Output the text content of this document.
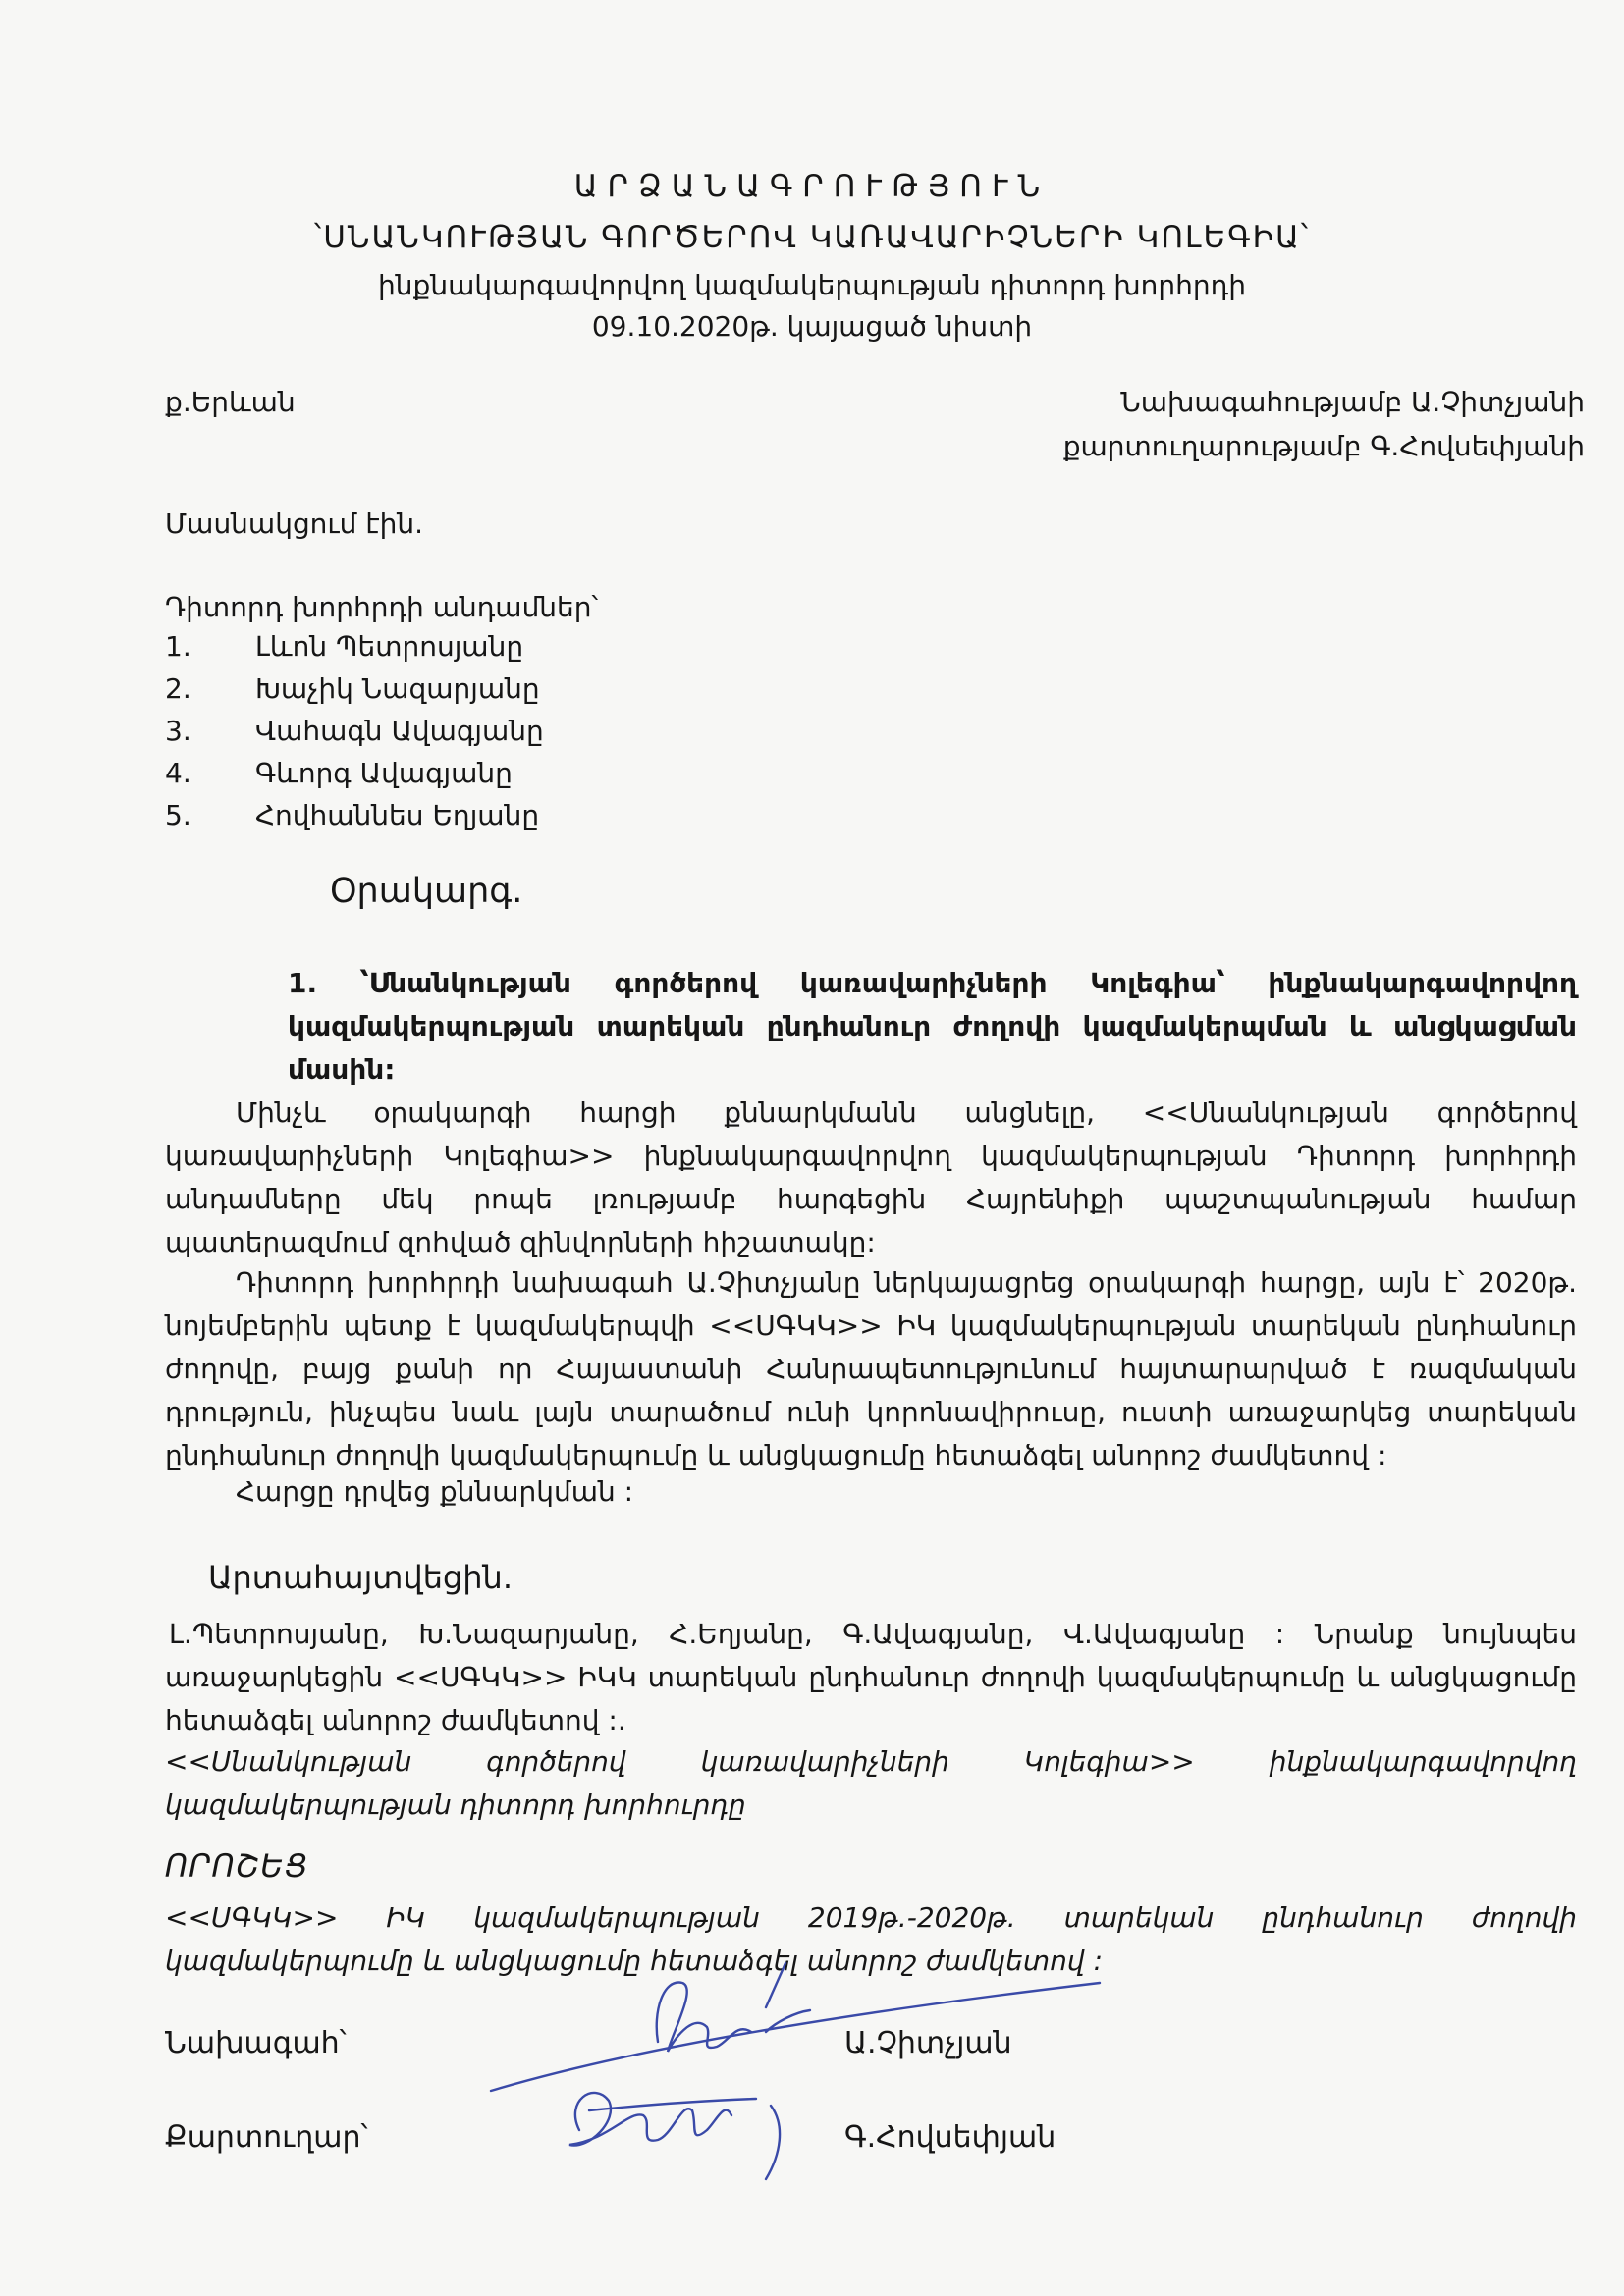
ԱՐՁԱՆԱԳՐՈՒԹՅՈՒՆ
՝ՍՆԱՆԿՈՒԹՅԱՆ ԳՈՐԾԵՐՈՎ ԿԱՌԱՎԱՐԻՉՆԵՐԻ ԿՈԼԵԳԻԱ՝
ինքնակարգավորվող կազմակերպության դիտորդ խորհրդի
09.10.2020թ. կայացած նիստի
ք.Երևան	Նախագահությամբ Ա.Չիտչյանի
քարտուղարությամբ Գ.Հովսեփյանի
Մասնակցում էին.
Դիտորդ խորհրդի անդամներ՝
1. Լևոն Պետրոսյանը
2. Խաչիկ Նազարյանը
3. Վահագն Ավագյանը
4. Գևորգ Ավագյանը
5. Հովհաննես Եղյանը
Օրակարգ.
1. ՝Սնանկության գործերով կառավարիչների Կոլեգիա՝ ինքնակարգավորվող կազմակերպության տարեկան ընդհանուր ժողովի կազմակերպման և անցկացման մասին:
Մինչև օրակարգի հարցի քննարկմանն անցնելը, <<Սնանկության գործերով կառավարիչների Կոլեգիա>> ինքնակարգավորվող կազմակերպության Դիտորդ խորհրդի անդամները մեկ րոպե լռությամբ հարգեցին Հայրենիքի պաշտպանության համար պատերազմում զոհված զինվորների հիշատակը:
Դիտորդ խորհրդի նախագահ Ա.Չիտչյանը ներկայացրեց օրակարգի հարցը, այն է՝ 2020թ. նոյեմբերին պետք է կազմակերպվի <<ՍԳԿԿ>> ԻԿ կազմակերպության տարեկան ընդհանուր ժողովը, բայց քանի որ Հայաստանի Հանրապետությունում հայտարարված է ռազմական դրություն, ինչպես նաև լայն տարածում ունի կորոնավիրուսը, ուստի առաջարկեց տարեկան ընդհանուր ժողովի կազմակերպումը և անցկացումը հետաձգել անորոշ ժամկետով :
Հարցը դրվեց քննարկման :
Արտահայտվեցին.
Լ.Պետրոսյանը, Խ.Նազարյանը, Հ.Եղյանը, Գ.Ավագյանը, Վ.Ավագյանը : Նրանք նույնպես առաջարկեցին <<ՍԳԿԿ>> ԻԿԿ տարեկան ընդհանուր ժողովի կազմակերպումը և անցկացումը հետաձգել անորոշ ժամկետով :.
<<Սնանկության գործերով կառավարիչների Կոլեգիա>> ինքնակարգավորվող կազմակերպության դիտորդ խորհուրդը
ՈՐՈՇԵՑ
<<ՍԳԿԿ>> ԻԿ կազմակերպության 2019թ.-2020թ. տարեկան ընդհանուր ժողովի կազմակերպումը և անցկացումը հետաձգել անորոշ ժամկետով :
Նախագահ՝	Ա.Չիտչյան
Քարտուղար՝	Գ.Հովսեփյան
